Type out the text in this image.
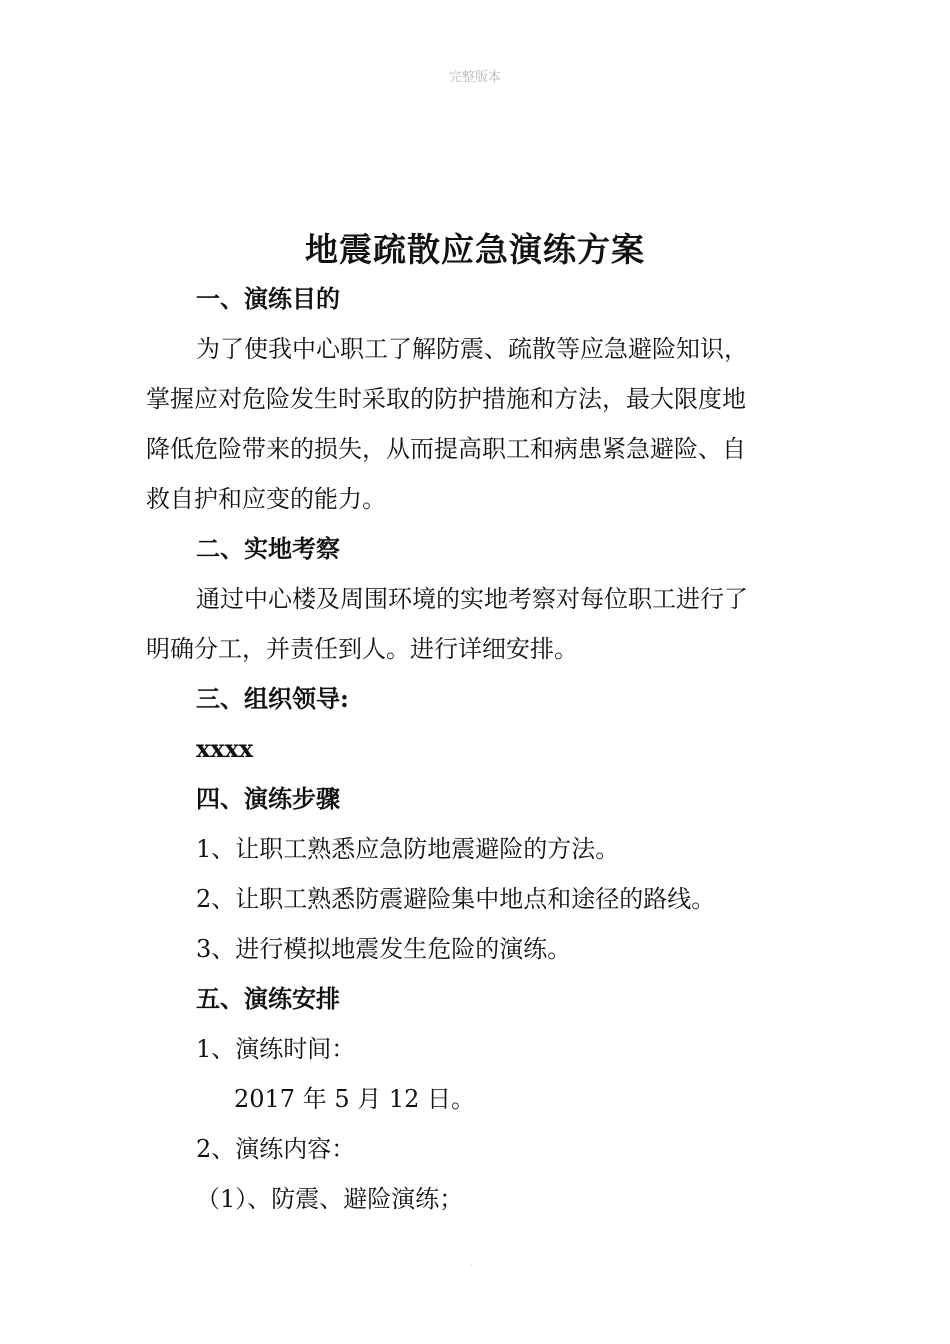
完整版本
地震疏散应急演练方案

一、演练目的

为了使我中心职工了解防震、疏散等应急避险知识，

掌握应对危险发生时采取的防护措施和方法，最大限度地

降低危险带来的损失，从而提高职工和病患紧急避险、自

救自护和应变的能力。

二、实地考察

通过中心楼及周围环境的实地考察对每位职工进行了

明确分工，并责任到人。进行详细安排。

三、组织领导:

xxxx

四、演练步骤

1、让职工熟悉应急防地震避险的方法。

2、让职工熟悉防震避险集中地点和途径的路线。

3、进行模拟地震发生危险的演练。

五、演练安排

1、演练时间：

2017 年 5 月 12 日。

2、演练内容：

（1）、防震、避险演练；

.
